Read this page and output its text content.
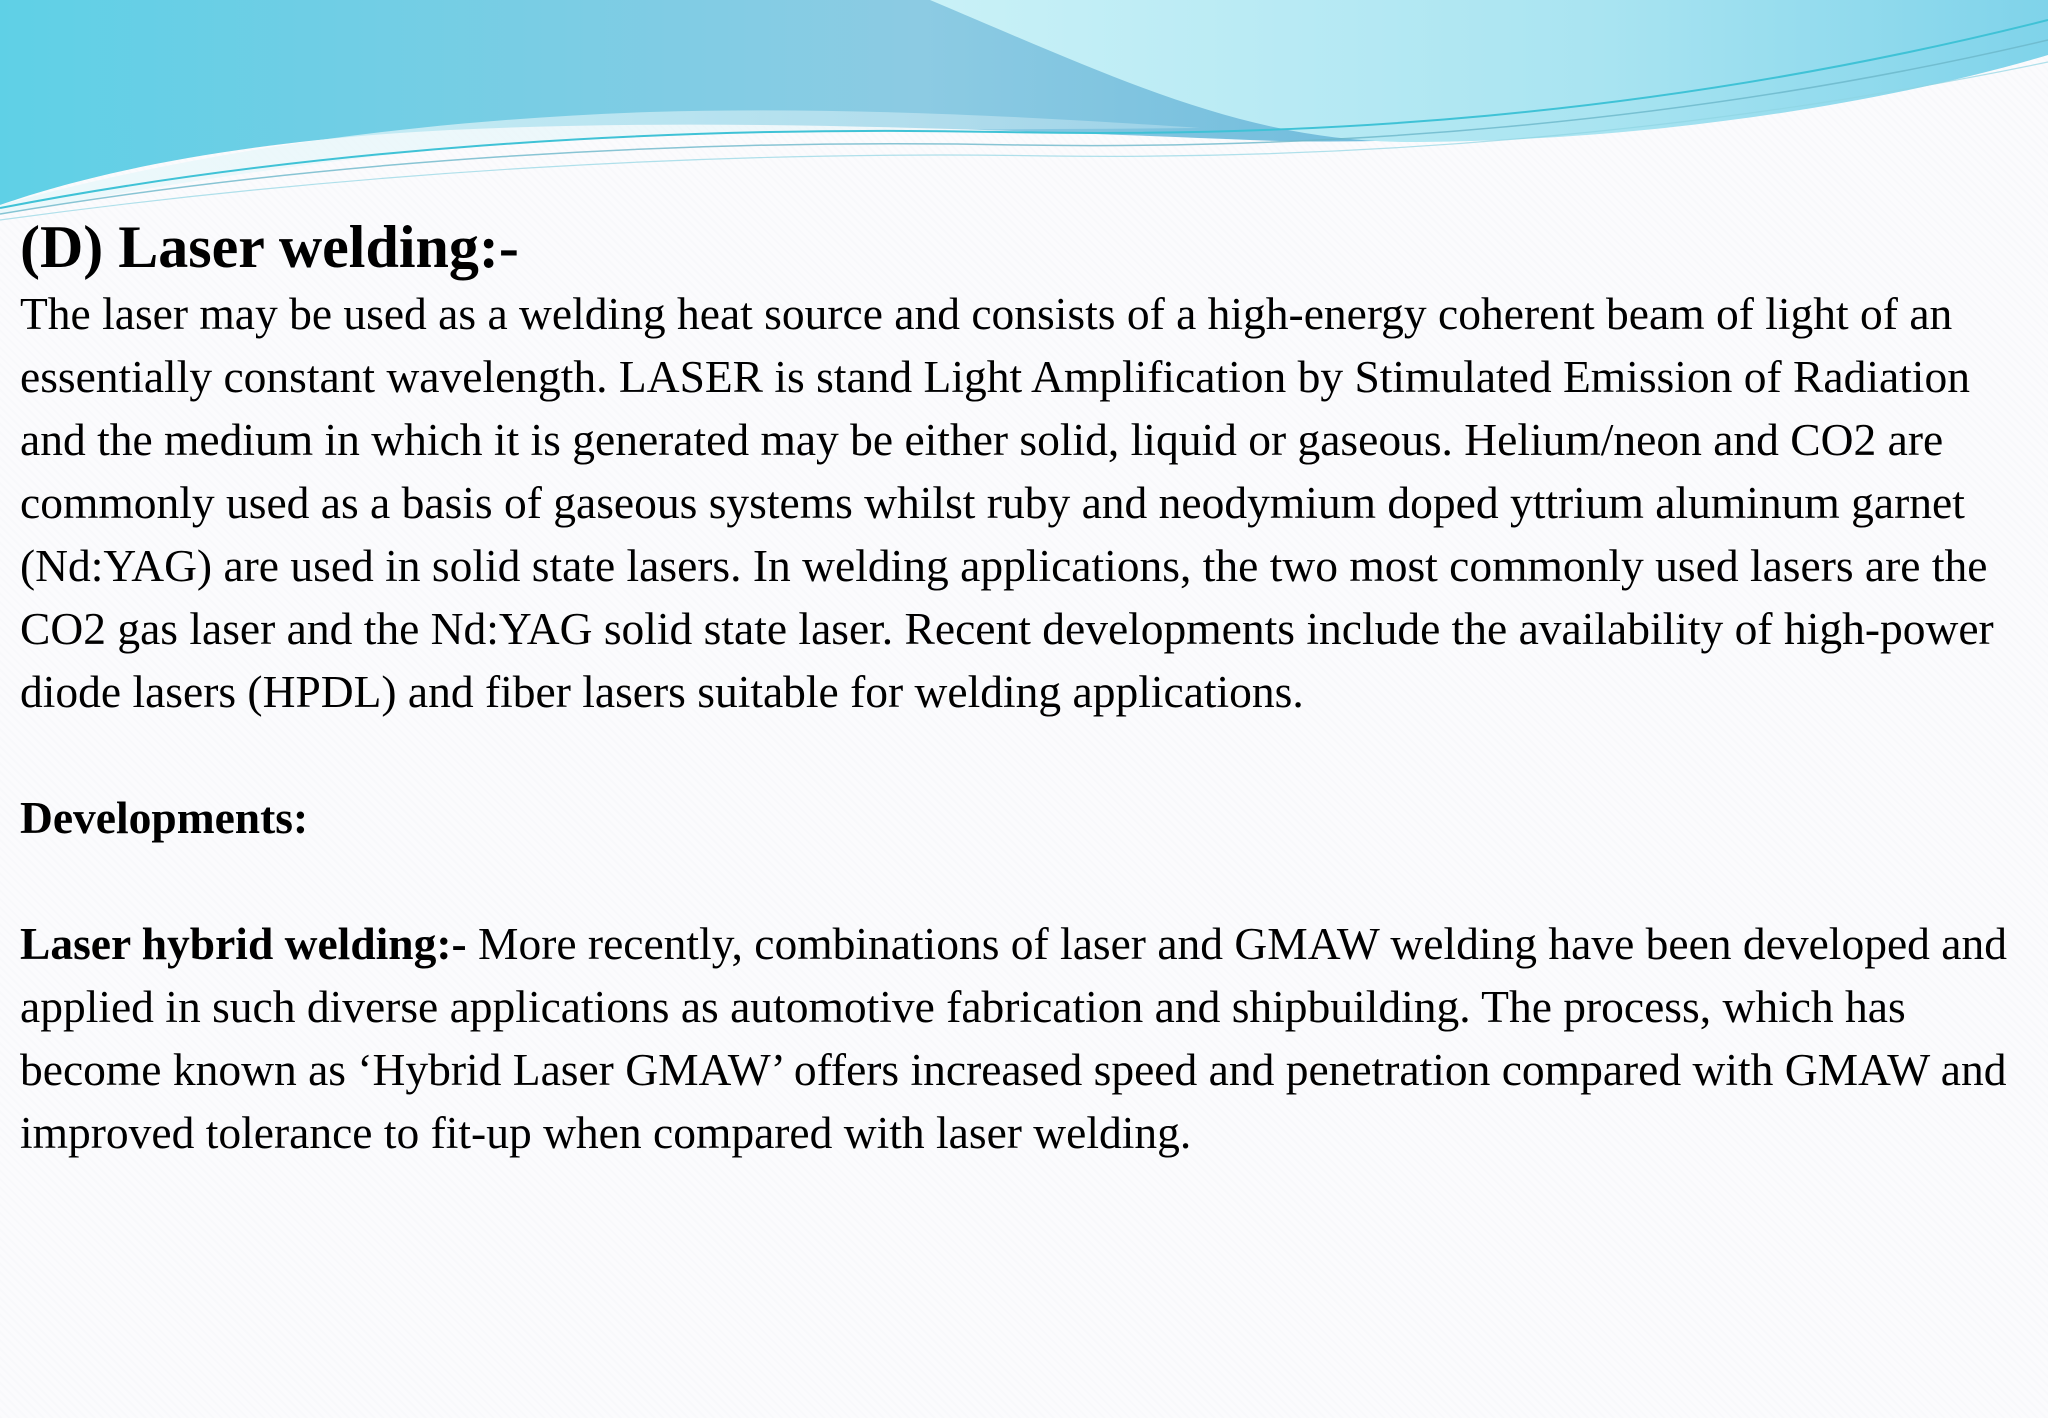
(D) Laser welding:-

The laser may be used as a welding heat source and consists of a high-energy coherent beam of light of an essentially constant wavelength. LASER is stand Light Amplification by Stimulated Emission of Radiation and the medium in which it is generated may be either solid, liquid or gaseous. Helium/neon and CO2 are commonly used as a basis of gaseous systems whilst ruby and neodymium doped yttrium aluminum garnet (Nd:YAG) are used in solid state lasers. In welding applications, the two most commonly used lasers are the CO2 gas laser and the Nd:YAG solid state laser. Recent developments include the availability of high-power diode lasers (HPDL) and fiber lasers suitable for welding applications.

Developments:

Laser hybrid welding:- More recently, combinations of laser and GMAW welding have been developed and applied in such diverse applications as automotive fabrication and shipbuilding. The process, which has become known as ‘Hybrid Laser GMAW’ offers increased speed and penetration compared with GMAW and improved tolerance to fit-up when compared with laser welding.
